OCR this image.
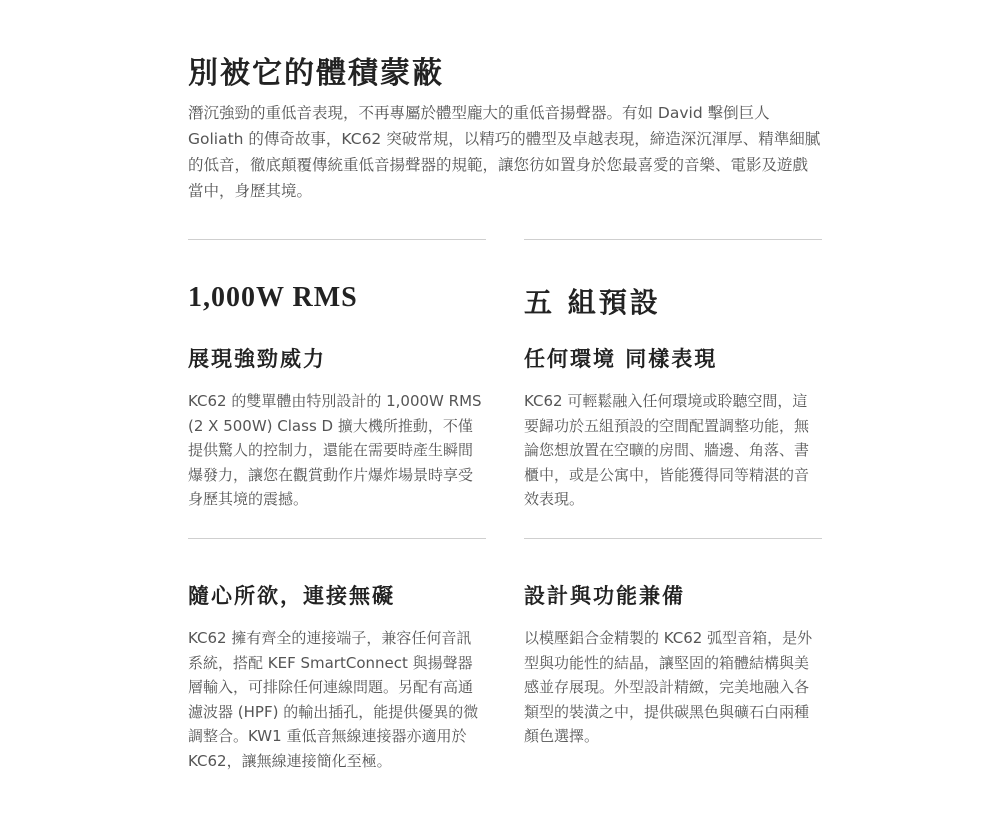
別被它的體積蒙蔽

潛沉強勁的重低音表現，不再專屬於體型龐大的重低音揚聲器。有如 David 擊倒巨人Goliath 的傳奇故事，KC62 突破常規，以精巧的體型及卓越表現，締造深沉渾厚、精準細膩的低音，徹底顛覆傳統重低音揚聲器的規範，讓您彷如置身於您最喜愛的音樂、電影及遊戲當中，身歷其境。

1,000W RMS	五 組預設
展現強勁威力	任何環境 同樣表現

KC62 的雙單體由特別設計的 1,000W RMS (2 X 500W) Class D 擴大機所推動，不僅提供驚人的控制力，還能在需要時產生瞬間爆發力，讓您在觀賞動作片爆炸場景時享受身歷其境的震撼。

KC62 可輕鬆融入任何環境或聆聽空間，這要歸功於五組預設的空間配置調整功能，無論您想放置在空曠的房間、牆邊、角落、書櫃中，或是公寓中，皆能獲得同等精湛的音效表現。

隨心所欲，連接無礙	設計與功能兼備

KC62 擁有齊全的連接端子，兼容任何音訊系統，搭配 KEF SmartConnect 與揚聲器層輸入，可排除任何連線問題。另配有高通濾波器 (HPF) 的輸出插孔，能提供優異的微調整合。KW1 重低音無線連接器亦適用於 KC62，讓無線連接簡化至極。

以模壓鋁合金精製的 KC62 弧型音箱，是外型與功能性的結晶，讓堅固的箱體結構與美感並存展現。外型設計精緻，完美地融入各類型的裝潢之中，提供碳黑色與礦石白兩種顏色選擇。
